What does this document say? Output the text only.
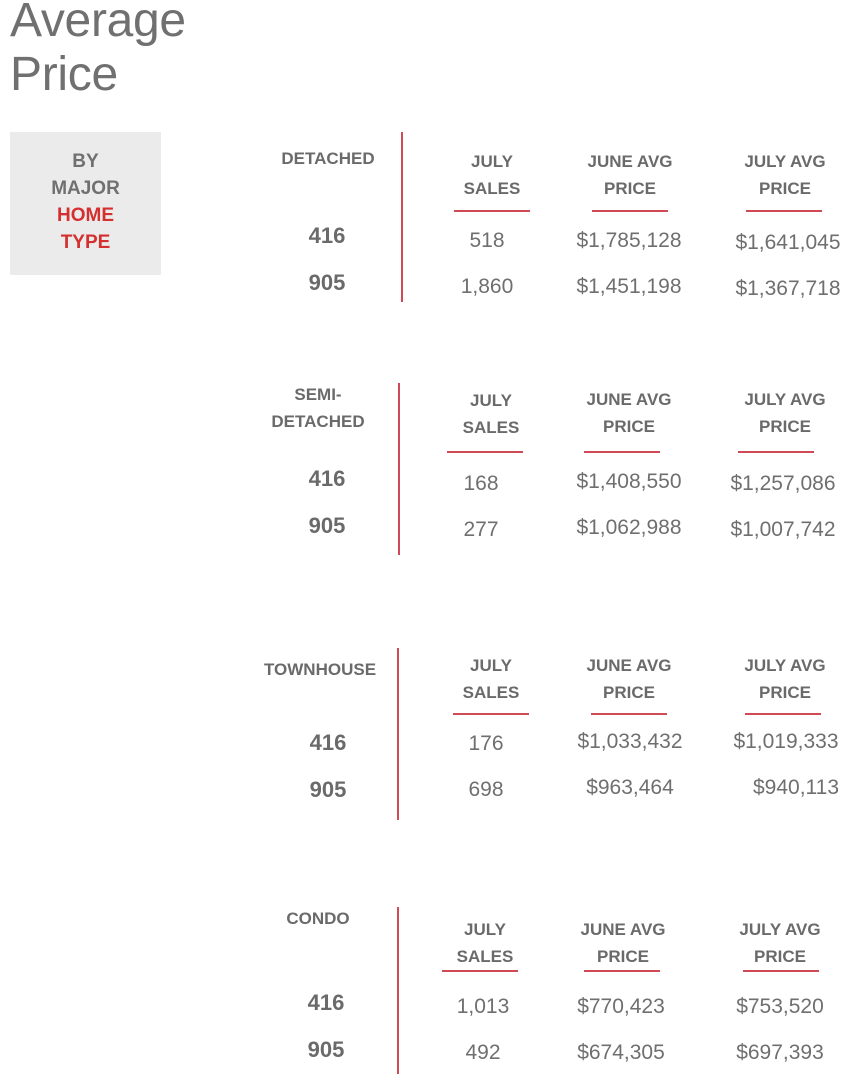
Average
Price
BY
MAJOR
HOME
TYPE
DETACHED	JULY
SALES
JUNE AVG
PRICE
JULY AVG
PRICE
416	518	$1,785,128	$1,641,045
905	1,860	$1,451,198	$1,367,718
SEMI-
DETACHED
JULY
SALES
JUNE AVG
PRICE
JULY AVG
PRICE
416	168	$1,408,550	$1,257,086
905	277	$1,062,988	$1,007,742
TOWNHOUSE	JULY
SALES
JUNE AVG
PRICE
JULY AVG
PRICE
416	176	$1,033,432	$1,019,333
905	698	$963,464	$940,113
CONDO
JULY
SALES
JUNE AVG
PRICE
JULY AVG
PRICE
416	1,013	$770,423	$753,520
905	492	$674,305	$697,393
